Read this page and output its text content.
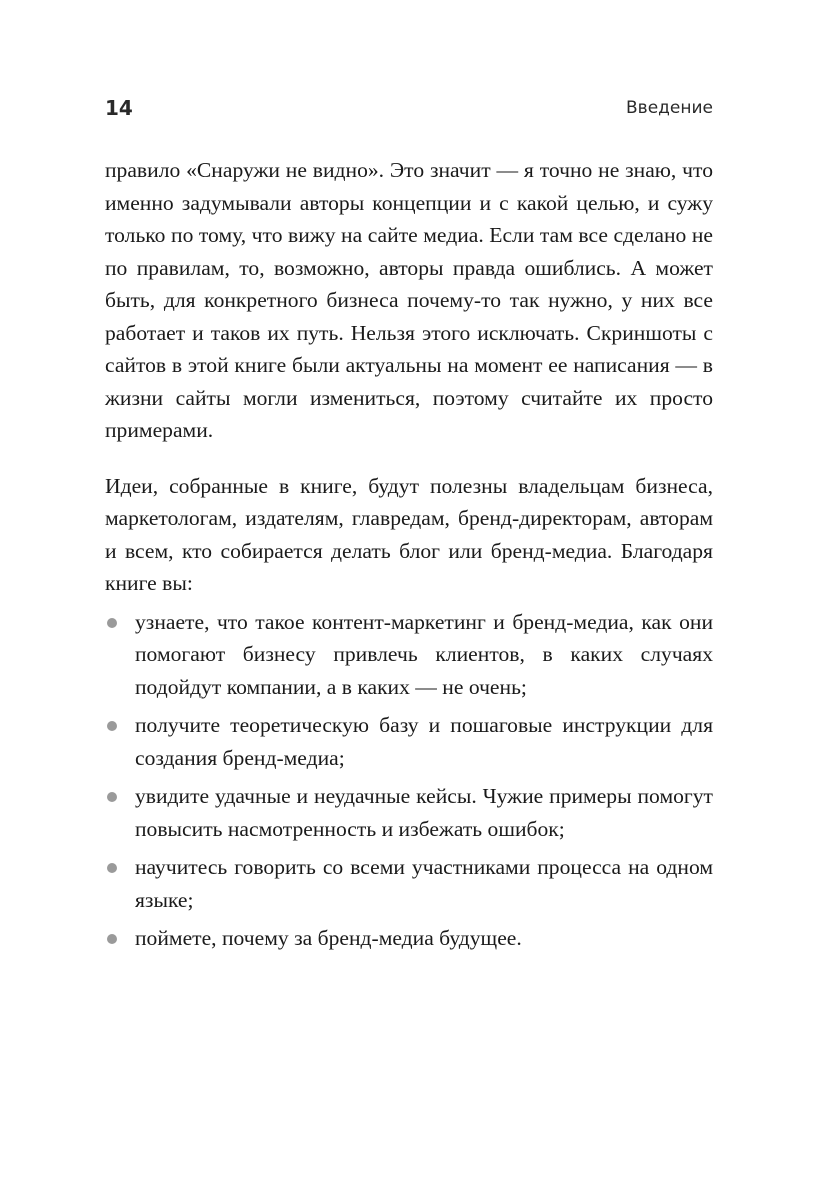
14	Введение

правило «Снаружи не видно». Это значит — я точно не знаю, что именно задумывали авторы концепции и с какой целью, и сужу только по тому, что вижу на сайте медиа. Если там все сделано не по правилам, то, возможно, авторы правда ошиблись. А может быть, для конкретного бизнеса почему-то так нужно, у них все работает и таков их путь. Нельзя этого исключать. Скриншоты с сайтов в этой книге были актуальны на момент ее написания — в жизни сайты могли измениться, поэтому считайте их просто примерами.

Идеи, собранные в книге, будут полезны владельцам бизнеса, маркетологам, издателям, главредам, бренд-директорам, авторам и всем, кто собирается делать блог или бренд-медиа. Благодаря книге вы:

узнаете, что такое контент-маркетинг и бренд-медиа, как они помогают бизнесу привлечь клиентов, в каких случаях подойдут компании, а в каких — не очень;
получите теоретическую базу и пошаговые инструкции для создания бренд-медиа;
увидите удачные и неудачные кейсы. Чужие примеры помогут повысить насмотренность и избежать ошибок;
научитесь говорить со всеми участниками процесса на одном языке;
поймете, почему за бренд-медиа будущее.
